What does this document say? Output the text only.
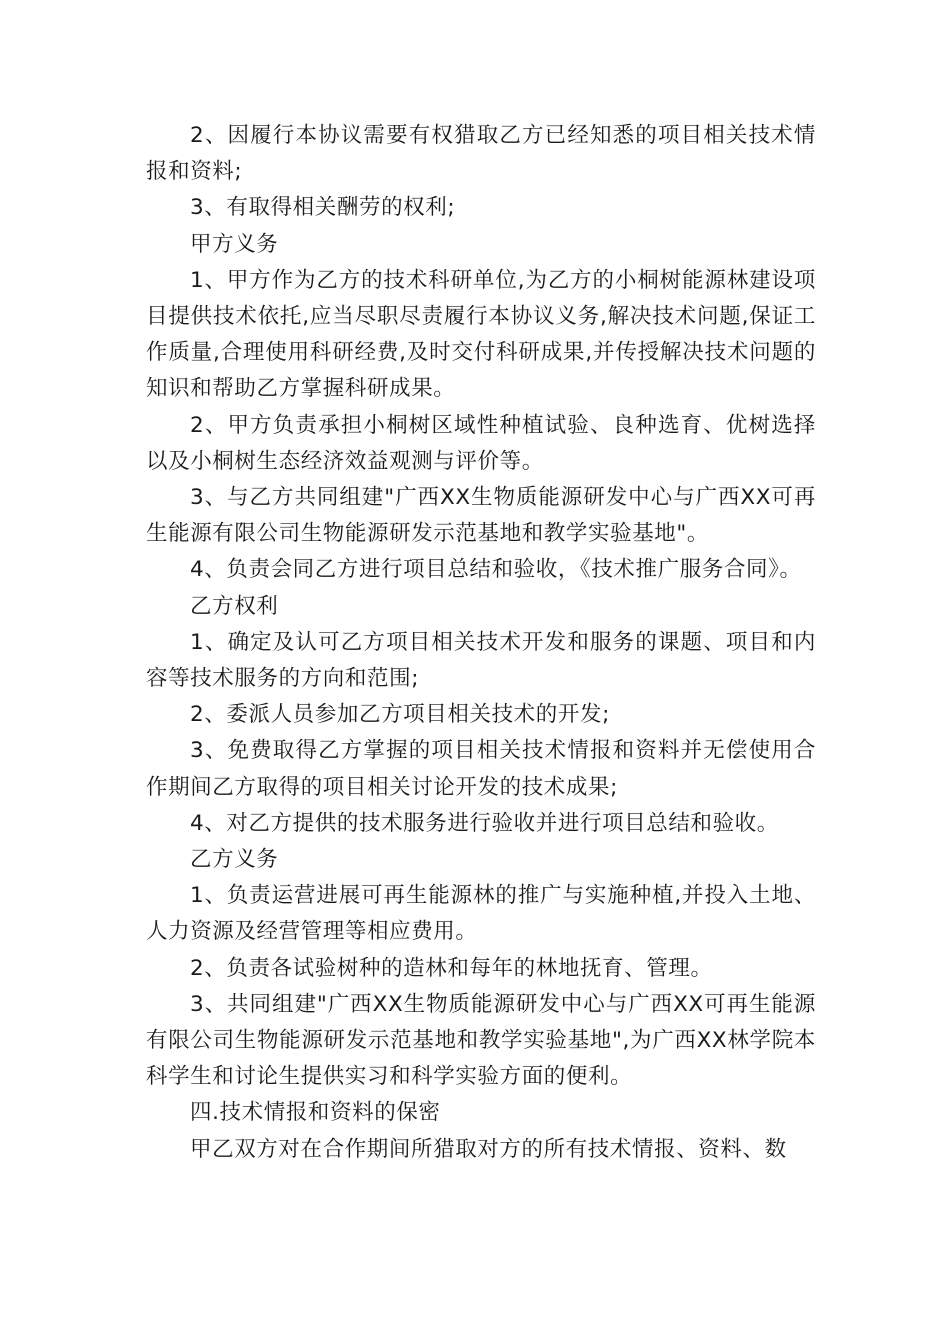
2、因履行本协议需要有权猎取乙方已经知悉的项目相关技术情报和资料;

3、有取得相关酬劳的权利;

甲方义务

1、甲方作为乙方的技术科研单位,为乙方的小桐树能源林建设项目提供技术依托,应当尽职尽责履行本协议义务,解决技术问题,保证工作质量,合理使用科研经费,及时交付科研成果,并传授解决技术问题的知识和帮助乙方掌握科研成果。

2、甲方负责承担小桐树区域性种植试验、良种选育、优树选择以及小桐树生态经济效益观测与评价等。

3、与乙方共同组建"广西XX生物质能源研发中心与广西XX可再生能源有限公司生物能源研发示范基地和教学实验基地"。

4、负责会同乙方进行项目总结和验收，《技术推广服务合同》。

乙方权利

1、确定及认可乙方项目相关技术开发和服务的课题、项目和内容等技术服务的方向和范围;

2、委派人员参加乙方项目相关技术的开发;

3、免费取得乙方掌握的项目相关技术情报和资料并无偿使用合作期间乙方取得的项目相关讨论开发的技术成果;

4、对乙方提供的技术服务进行验收并进行项目总结和验收。

乙方义务

1、负责运营进展可再生能源林的推广与实施种植,并投入土地、人力资源及经营管理等相应费用。

2、负责各试验树种的造林和每年的林地抚育、管理。

3、共同组建"广西XX生物质能源研发中心与广西XX可再生能源有限公司生物能源研发示范基地和教学实验基地",为广西XX林学院本科学生和讨论生提供实习和科学实验方面的便利。

四.技术情报和资料的保密

甲乙双方对在合作期间所猎取对方的所有技术情报、资料、数
